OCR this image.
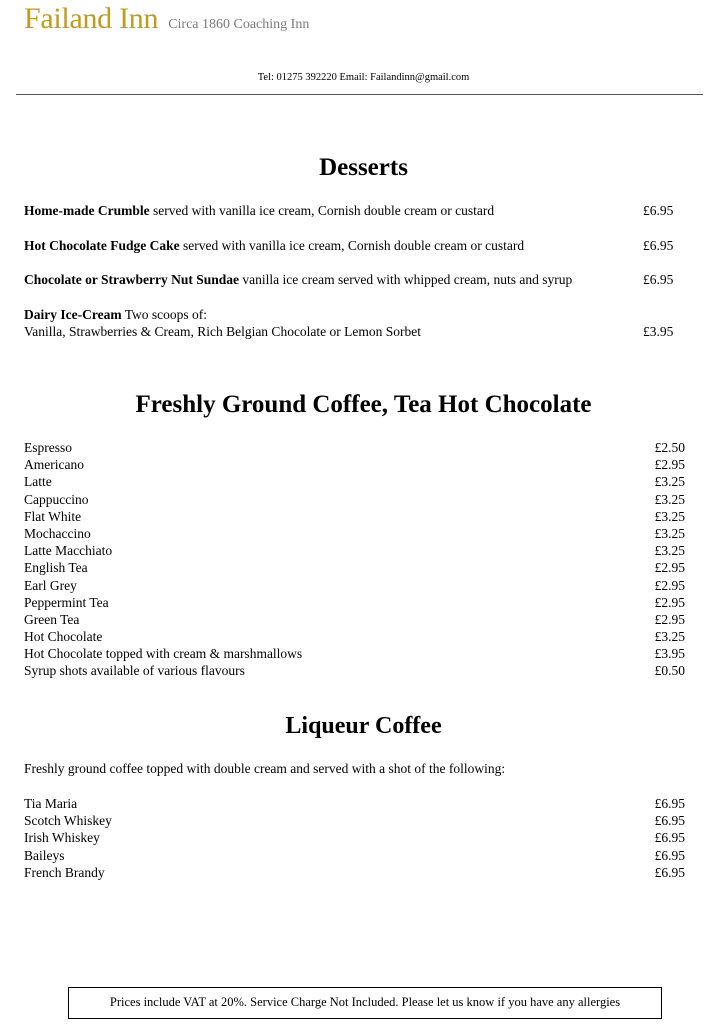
Failand Inn Circa 1860 Coaching Inn
Tel: 01275 392220 Email: Failandinn@gmail.com
Desserts
Home-made Crumble served with vanilla ice cream, Cornish double cream or custard	£6.95
Hot Chocolate Fudge Cake served with vanilla ice cream, Cornish double cream or custard	£6.95
Chocolate or Strawberry Nut Sundae vanilla ice cream served with whipped cream, nuts and syrup	£6.95
Dairy Ice-Cream Two scoops of:
Vanilla, Strawberries & Cream, Rich Belgian Chocolate or Lemon Sorbet	£3.95
Freshly Ground Coffee, Tea Hot Chocolate
Espresso	£2.50
Americano	£2.95
Latte	£3.25
Cappuccino	£3.25
Flat White	£3.25
Mochaccino	£3.25
Latte Macchiato	£3.25
English Tea	£2.95
Earl Grey	£2.95
Peppermint Tea	£2.95
Green Tea	£2.95
Hot Chocolate	£3.25
Hot Chocolate topped with cream & marshmallows	£3.95
Syrup shots available of various flavours	£0.50
Liqueur Coffee
Freshly ground coffee topped with double cream and served with a shot of the following:
Tia Maria	£6.95
Scotch Whiskey	£6.95
Irish Whiskey	£6.95
Baileys	£6.95
French Brandy	£6.95
Prices include VAT at 20%. Service Charge Not Included. Please let us know if you have any allergies
